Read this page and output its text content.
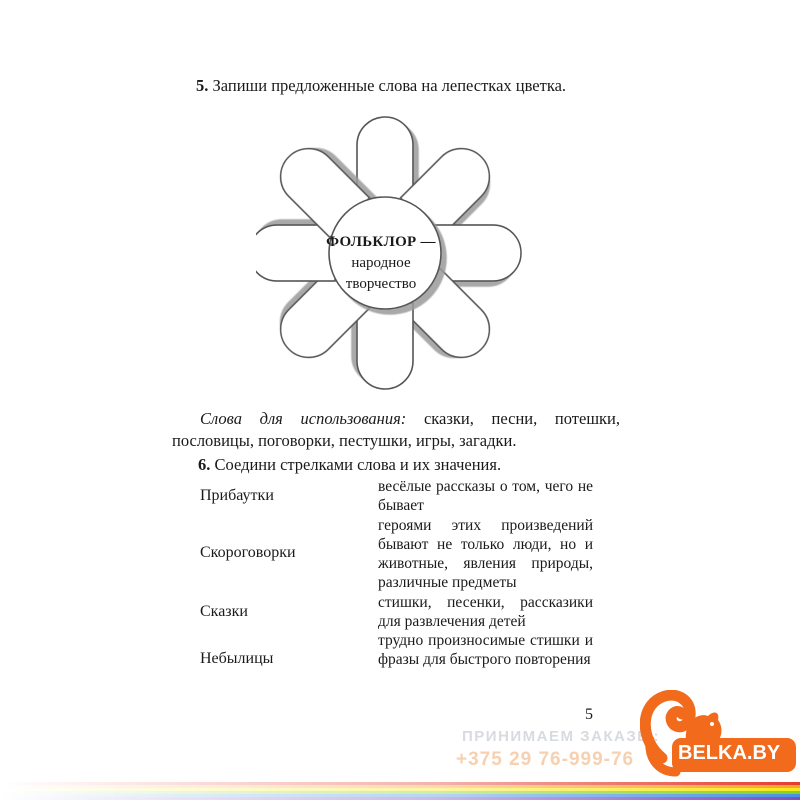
5. Запиши предложенные слова на лепестках цветка.
ФОЛЬКЛОР —
народное
творчество
Слова для использования: сказки, песни, потешки,
пословицы, поговорки, пестушки, игры, загадки.
6. Соедини стрелками слова и их значения.
Прибаутки
Скороговорки
Сказки
Небылицы
весёлые рассказы о том, чего не бывает
героями этих произведений бывают не только люди, но и животные, явления природы, различные предметы
стишки, песенки, рассказики для развлечения детей
трудно произносимые стишки и фразы для быстрого повторения
5
ПРИНИМАЕМ ЗАКАЗЫ:
+375 29 76-999-76 BELKA.BY
